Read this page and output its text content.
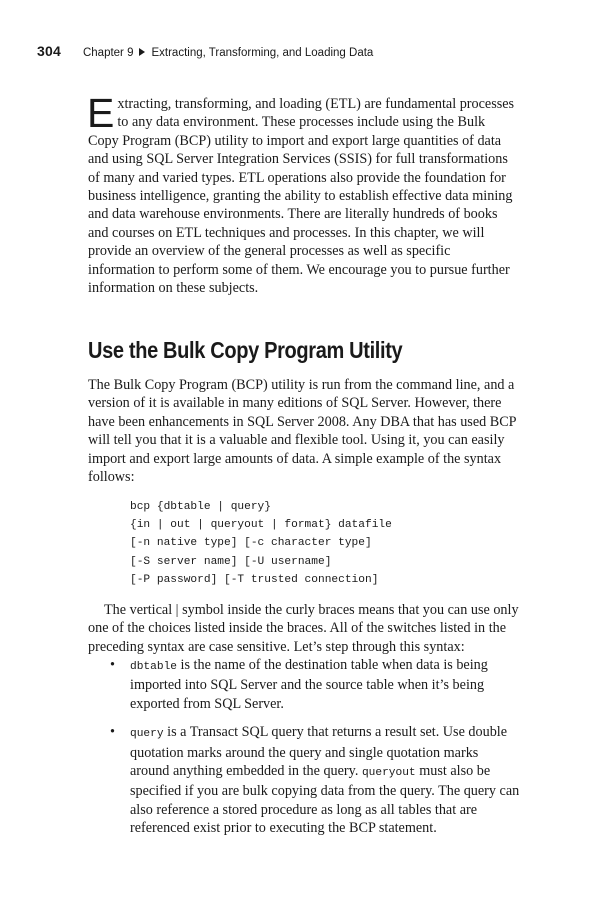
304 Chapter 9 Extracting, Transforming, and Loading Data

Extracting, transforming, and loading (ETL) are fundamental processes to any data environment. These processes include using the Bulk Copy Program (BCP) utility to import and export large quantities of data and using SQL Server Integration Services (SSIS) for full transformations of many and varied types. ETL operations also provide the foundation for business intelligence, granting the ability to establish effective data mining and data warehouse environments. There are literally hundreds of books and courses on ETL techniques and processes. In this chapter, we will provide an overview of the general processes as well as specific information to perform some of them. We encourage you to pursue further information on these subjects.

Use the Bulk Copy Program Utility

The Bulk Copy Program (BCP) utility is run from the command line, and a version of it is available in many editions of SQL Server. However, there have been enhancements in SQL Server 2008. Any DBA that has used BCP will tell you that it is a valuable and flexible tool. Using it, you can easily import and export large amounts of data. A simple example of the syntax follows:

bcp {dbtable | query}
{in | out | queryout | format} datafile
[-n native type] [-c character type]
[-S server name] [-U username]
[-P password] [-T trusted connection]

The vertical | symbol inside the curly braces means that you can use only one of the choices listed inside the braces. All of the switches listed in the preceding syntax are case sensitive. Let’s step through this syntax:

• dbtable is the name of the destination table when data is being imported into SQL Server and the source table when it’s being exported from SQL Server.
• query is a Transact SQL query that returns a result set. Use double quotation marks around the query and single quotation marks around anything embedded in the query. queryout must also be specified if you are bulk copying data from the query. The query can also reference a stored procedure as long as all tables that are referenced exist prior to executing the BCP statement.
